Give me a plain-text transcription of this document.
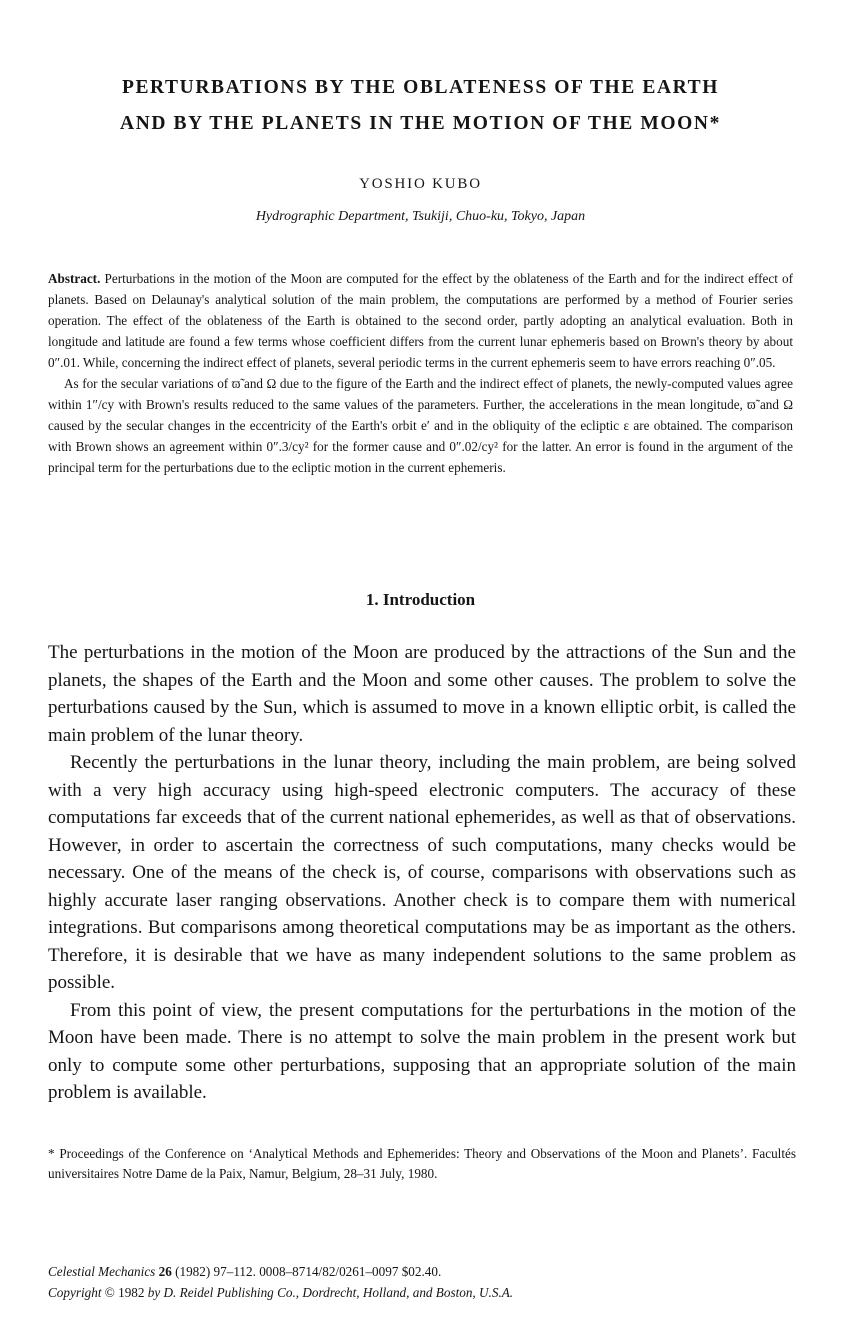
PERTURBATIONS BY THE OBLATENESS OF THE EARTH
AND BY THE PLANETS IN THE MOTION OF THE MOON*

YOSHIO KUBO

Hydrographic Department, Tsukiji, Chuo-ku, Tokyo, Japan

Abstract. Perturbations in the motion of the Moon are computed for the effect by the oblateness of the Earth and for the indirect effect of planets. Based on Delaunay's analytical solution of the main problem, the computations are performed by a method of Fourier series operation. The effect of the oblateness of the Earth is obtained to the second order, partly adopting an analytical evaluation. Both in longitude and latitude are found a few terms whose coefficient differs from the current lunar ephemeris based on Brown's theory by about 0″.01. While, concerning the indirect effect of planets, several periodic terms in the current ephemeris seem to have errors reaching 0″.05.

As for the secular variations of ϖ̃ and Ω due to the figure of the Earth and the indirect effect of planets, the newly-computed values agree within 1″/cy with Brown's results reduced to the same values of the parameters. Further, the accelerations in the mean longitude, ϖ̃ and Ω caused by the secular changes in the eccentricity of the Earth's orbit e′ and in the obliquity of the ecliptic ε are obtained. The comparison with Brown shows an agreement within 0″.3/cy² for the former cause and 0″.02/cy² for the latter. An error is found in the argument of the principal term for the perturbations due to the ecliptic motion in the current ephemeris.

1. Introduction

The perturbations in the motion of the Moon are produced by the attractions of the Sun and the planets, the shapes of the Earth and the Moon and some other causes. The problem to solve the perturbations caused by the Sun, which is assumed to move in a known elliptic orbit, is called the main problem of the lunar theory.

Recently the perturbations in the lunar theory, including the main problem, are being solved with a very high accuracy using high-speed electronic computers. The accuracy of these computations far exceeds that of the current national ephemerides, as well as that of observations. However, in order to ascertain the correctness of such computations, many checks would be necessary. One of the means of the check is, of course, comparisons with observations such as highly accurate laser ranging observations. Another check is to compare them with numerical integrations. But comparisons among theoretical computations may be as important as the others. Therefore, it is desirable that we have as many independent solutions to the same problem as possible.

From this point of view, the present computations for the perturbations in the motion of the Moon have been made. There is no attempt to solve the main problem in the present work but only to compute some other perturbations, supposing that an appropriate solution of the main problem is available.

* Proceedings of the Conference on ‘Analytical Methods and Ephemerides: Theory and Observations of the Moon and Planets’. Facultés universitaires Notre Dame de la Paix, Namur, Belgium, 28–31 July, 1980.

Celestial Mechanics 26 (1982) 97–112. 0008–8714/82/0261–0097 $02.40.

Copyright © 1982 by D. Reidel Publishing Co., Dordrecht, Holland, and Boston, U.S.A.
